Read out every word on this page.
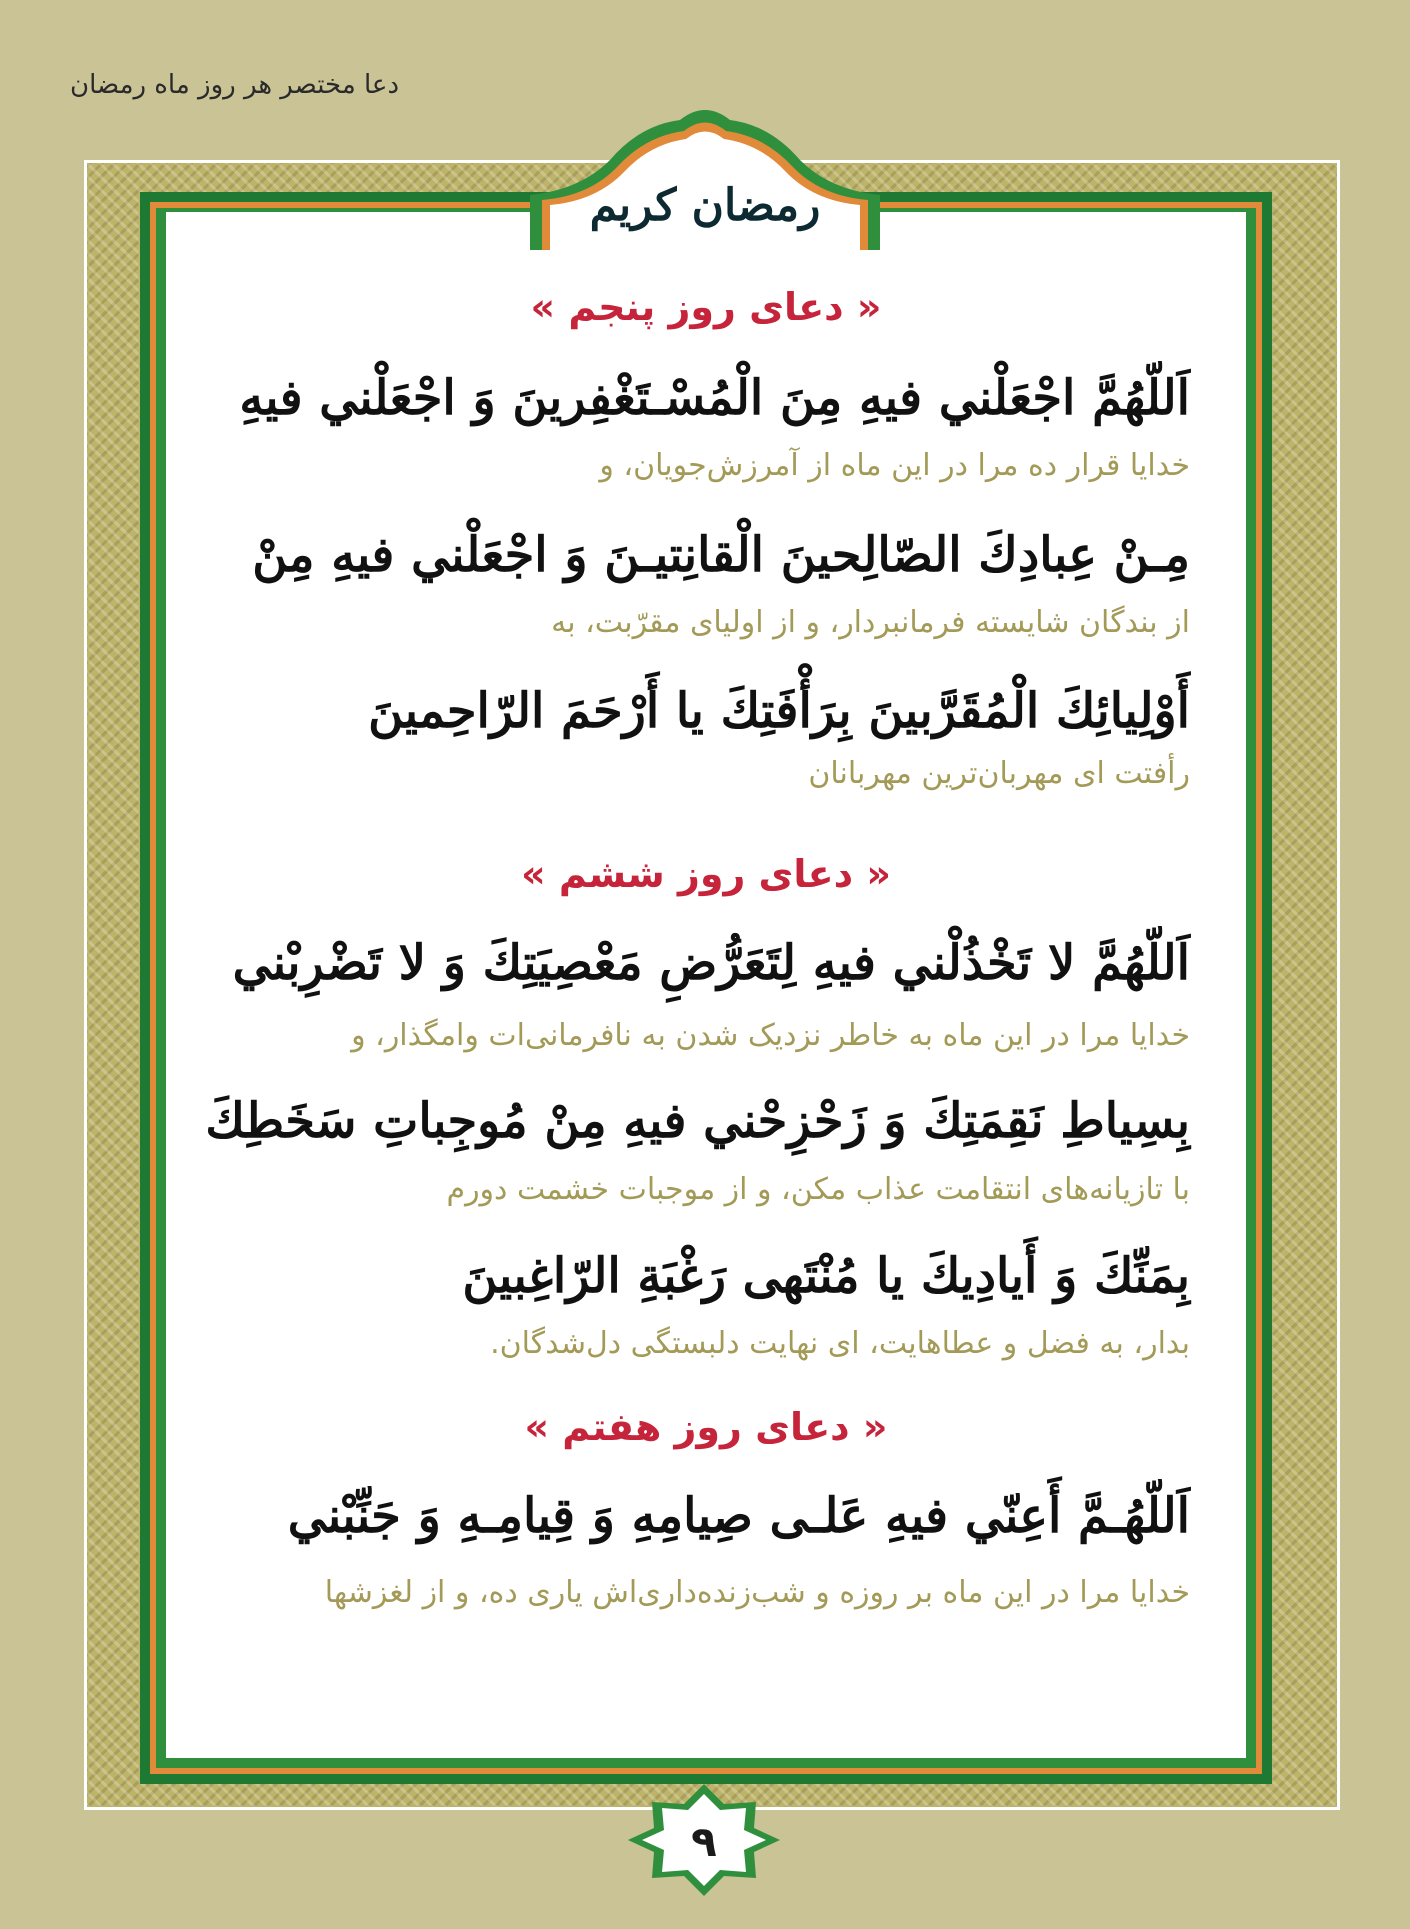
دعا مختصر هر روز ماه رمضان
رمضان کریم
« دعای روز پنجم »
اَللّهُمَّ اجْعَلْني فيهِ مِنَ الْمُسْـتَغْفِرينَ وَ اجْعَلْني فيهِ
خدایا قرار ده مرا در این ماه از آمرزش‌جویان، و
مِـنْ عِبادِكَ الصّالِحينَ الْقانِتيـنَ وَ اجْعَلْني فيهِ مِنْ
از بندگان شایسته فرمانبردار، و از اولیای مقرّبت، به
أَوْلِيائِكَ الْمُقَرَّبينَ بِرَأْفَتِكَ يا أَرْحَمَ الرّاحِمينَ
رأفتت ای مهربان‌ترین مهربانان
« دعای روز ششم »
اَللّهُمَّ لا تَخْذُلْني فيهِ لِتَعَرُّضِ مَعْصِيَتِكَ وَ لا تَضْرِبْني
خدایا مرا در این ماه به خاطر نزدیک شدن به نافرمانی‌ات وامگذار، و
بِسِياطِ نَقِمَتِكَ وَ زَحْزِحْني فيهِ مِنْ مُوجِباتِ سَخَطِكَ
با تازیانه‌های انتقامت عذاب مکن، و از موجبات خشمت دورم
بِمَنِّكَ وَ أَيادِيكَ يا مُنْتَهى رَغْبَةِ الرّاغِبينَ
بدار، به فضل و عطاهایت، ای نهایت دلبستگی دل‌شدگان.
« دعای روز هفتم »
اَللّهُـمَّ أَعِنّي فيهِ عَلـى صِيامِهِ وَ قِيامِـهِ وَ جَنِّبْني
خدایا مرا در این ماه بر روزه و شب‌زنده‌داری‌اش یاری ده، و از لغزشها
۹
